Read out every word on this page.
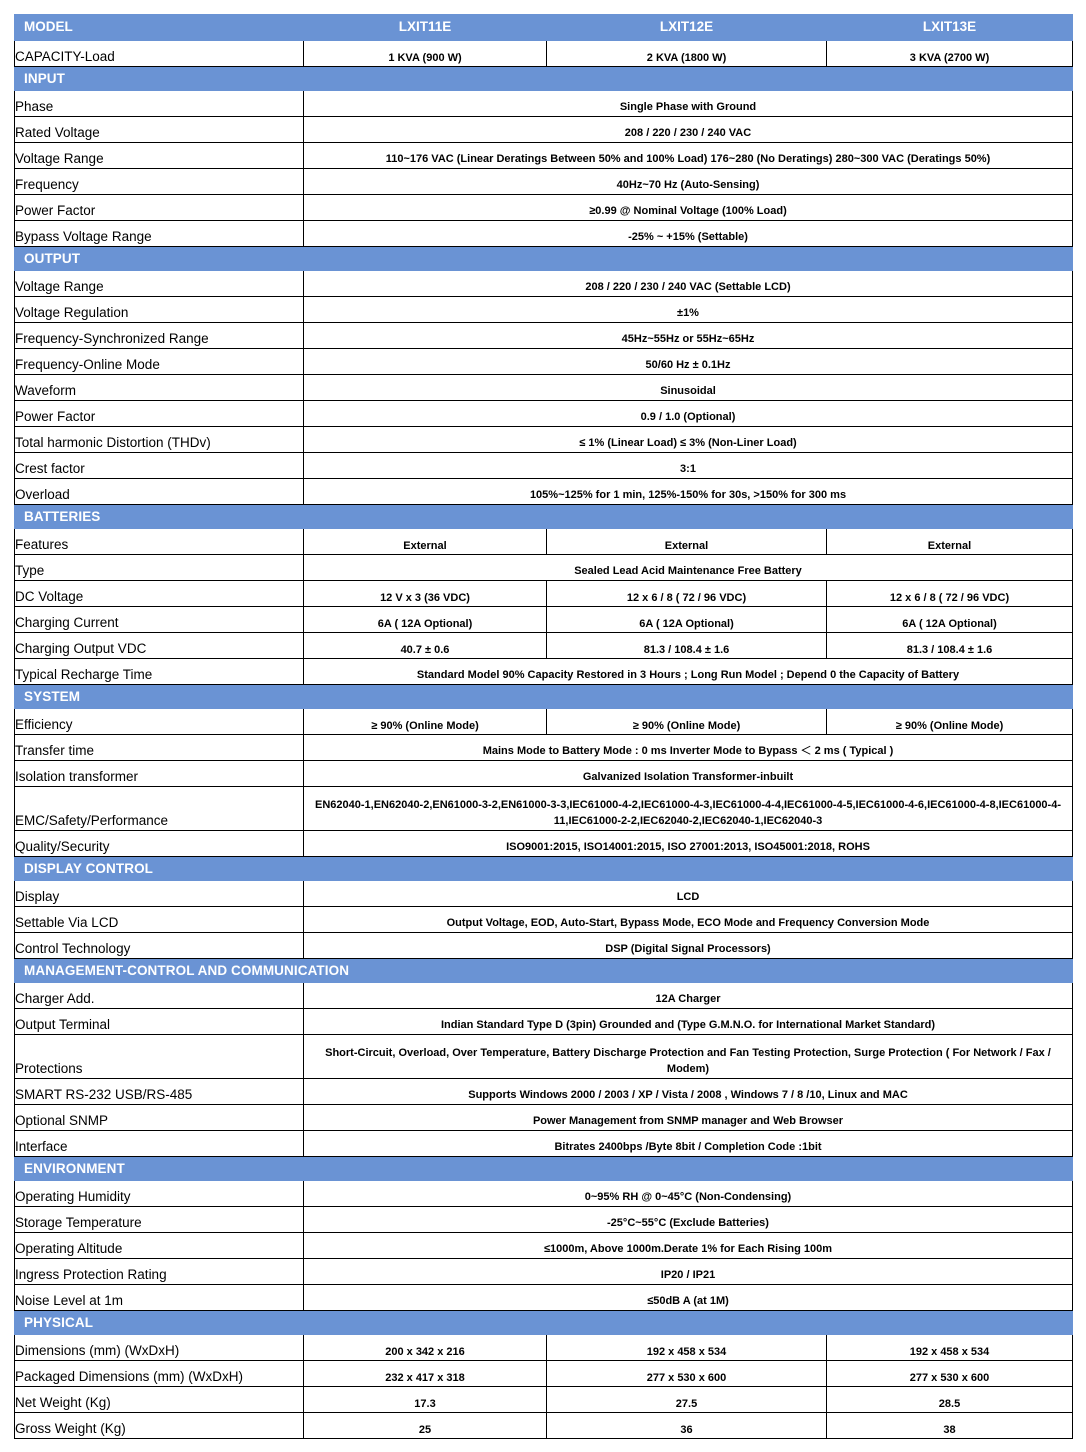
MODEL	LXIT11E	LXIT12E	LXIT13E
CAPACITY-Load	1 KVA (900 W)	2 KVA (1800 W)	3 KVA (2700 W)
INPUT			
Phase	Single Phase with Ground		
Rated Voltage	208 / 220 / 230 / 240 VAC		
Voltage Range	110~176 VAC (Linear Deratings Between 50% and 100% Load) 176~280 (No Deratings) 280~300 VAC (Deratings 50%)		
Frequency	40Hz~70 Hz (Auto-Sensing)		
Power Factor	≥0.99 @ Nominal Voltage (100% Load)		
Bypass Voltage Range	-25% ~ +15% (Settable)		
OUTPUT			
Voltage Range	208 / 220 / 230 / 240 VAC (Settable LCD)		
Voltage Regulation	±1%		
Frequency-Synchronized Range	45Hz~55Hz or 55Hz~65Hz		
Frequency-Online Mode	50/60 Hz ± 0.1Hz		
Waveform	Sinusoidal		
Power Factor	0.9 / 1.0 (Optional)		
Total harmonic Distortion (THDv)	≤ 1% (Linear Load) ≤ 3% (Non-Liner Load)		
Crest factor	3:1		
Overload	105%~125% for 1 min, 125%-150% for 30s, >150% for 300 ms		
BATTERIES			
Features	External	External	External
Type	Sealed Lead Acid Maintenance Free Battery		
DC Voltage	12 V x 3 (36 VDC)	12 x 6 / 8 ( 72 / 96 VDC)	12 x 6 / 8 ( 72 / 96 VDC)
Charging Current	6A ( 12A Optional)	6A ( 12A Optional)	6A ( 12A Optional)
Charging Output VDC	40.7 ± 0.6	81.3 / 108.4 ± 1.6	81.3 / 108.4 ± 1.6
Typical Recharge Time	Standard Model 90% Capacity Restored in 3 Hours ; Long Run Model ; Depend 0 the Capacity of Battery		
SYSTEM			
Efficiency	≥ 90% (Online Mode)	≥ 90% (Online Mode)	≥ 90% (Online Mode)
Transfer time	Mains Mode to Battery Mode : 0 ms Inverter Mode to Bypass ＜ 2 ms ( Typical )		
Isolation transformer	Galvanized Isolation Transformer-inbuilt		
EMC/Safety/Performance	EN62040-1,EN62040-2,EN61000-3-2,EN61000-3-3,IEC61000-4-2,IEC61000-4-3,IEC61000-4-4,IEC61000-4-5,IEC61000-4-6,IEC61000-4-8,IEC61000-4-11,IEC61000-2-2,IEC62040-2,IEC62040-1,IEC62040-3		
Quality/Security	ISO9001:2015, ISO14001:2015, ISO 27001:2013, ISO45001:2018, ROHS		
DISPLAY CONTROL			
Display	LCD		
Settable Via LCD	Output Voltage, EOD, Auto-Start, Bypass Mode, ECO Mode and Frequency Conversion Mode		
Control Technology	DSP (Digital Signal Processors)		
MANAGEMENT-CONTROL AND COMMUNICATION			
Charger Add.	12A Charger		
Output Terminal	Indian Standard Type D (3pin) Grounded and (Type G.M.N.O. for International Market Standard)		
Protections	Short-Circuit, Overload, Over Temperature, Battery Discharge Protection and Fan Testing Protection, Surge Protection ( For Network / Fax / Modem)		
SMART RS-232 USB/RS-485	Supports Windows 2000 / 2003 / XP / Vista / 2008 , Windows 7 / 8 /10, Linux and MAC		
Optional SNMP	Power Management from SNMP manager and Web Browser		
Interface	Bitrates 2400bps /Byte 8bit / Completion Code :1bit		
ENVIRONMENT			
Operating Humidity	0~95% RH @ 0~45°C (Non-Condensing)		
Storage Temperature	-25°C~55°C (Exclude Batteries)		
Operating Altitude	≤1000m, Above 1000m.Derate 1% for Each Rising 100m		
Ingress Protection Rating	IP20 / IP21		
Noise Level at 1m	≤50dB A (at 1M)		
PHYSICAL			
Dimensions (mm) (WxDxH)	200 x 342 x 216	192 x 458 x 534	192 x 458 x 534
Packaged Dimensions (mm) (WxDxH)	232 x 417 x 318	277 x 530 x 600	277 x 530 x 600
Net Weight (Kg)	17.3	27.5	28.5
Gross Weight (Kg)	25	36	38
